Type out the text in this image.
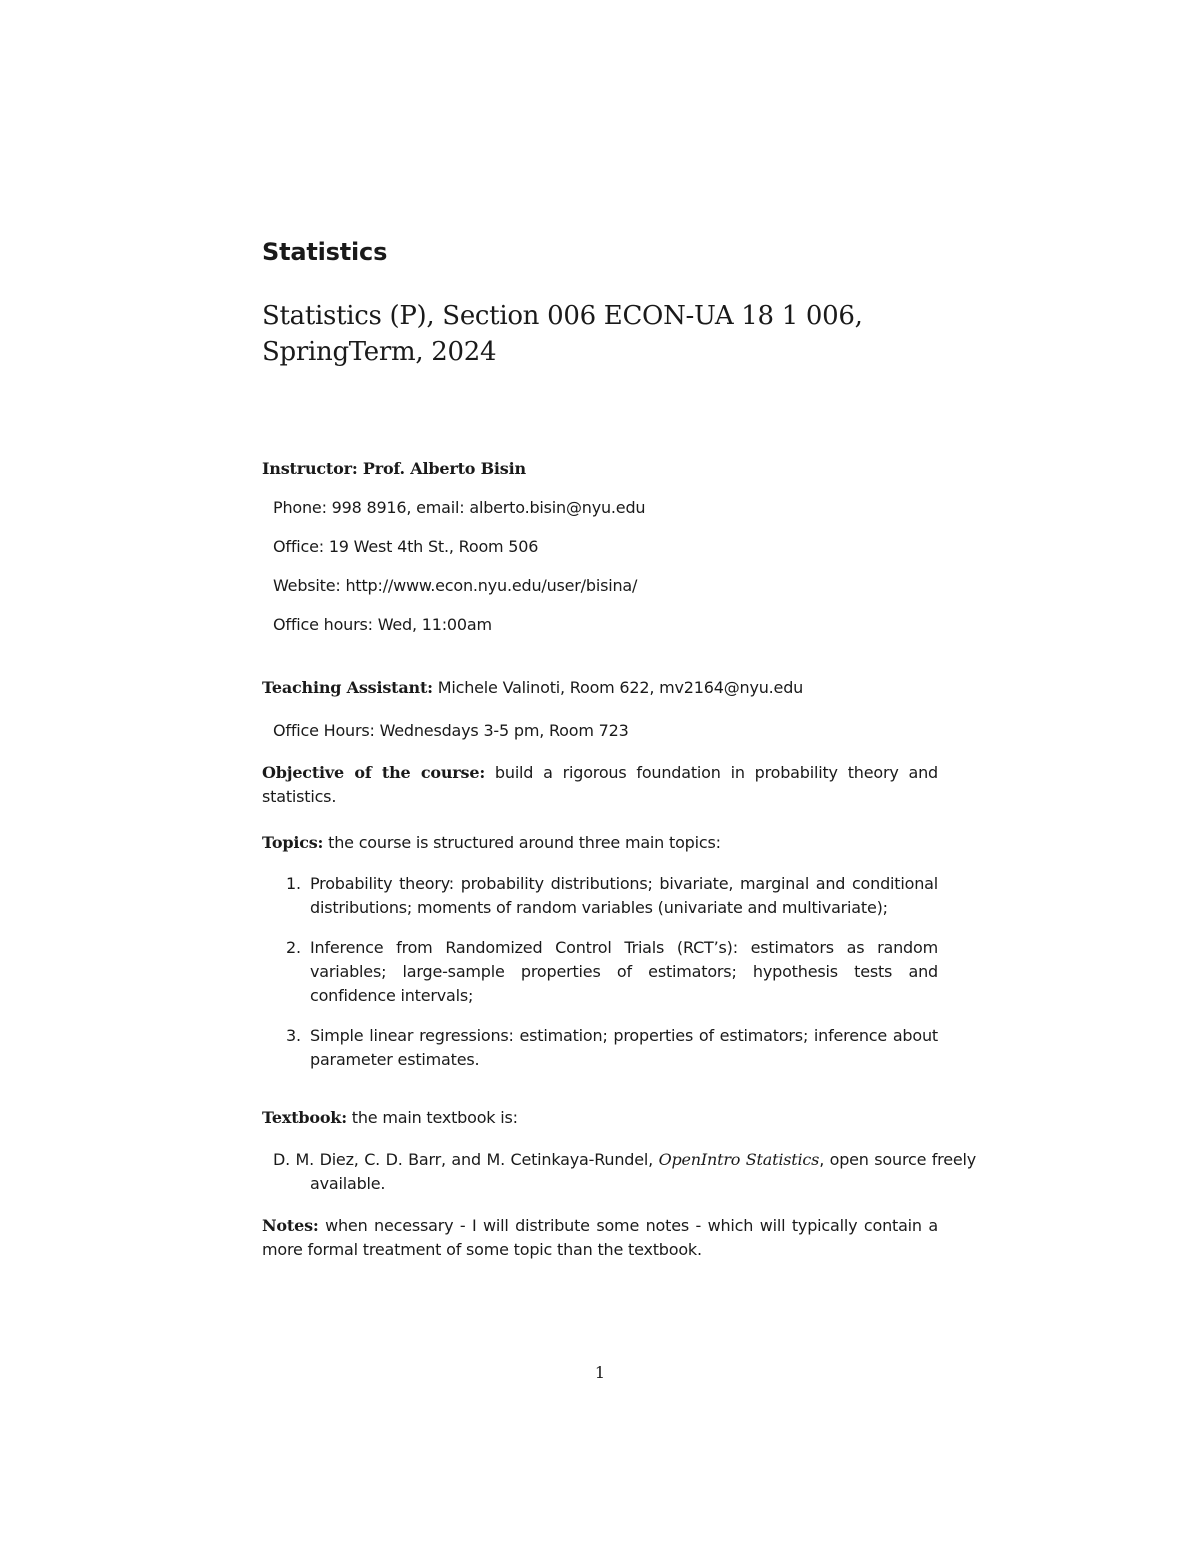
Statistics

Statistics (P), Section 006 ECON-UA 18 1 006, SpringTerm, 2024

Instructor: Prof. Alberto Bisin

Phone: 998 8916, email: alberto.bisin@nyu.edu

Office: 19 West 4th St., Room 506

Website: http://www.econ.nyu.edu/user/bisina/

Office hours: Wed, 11:00am

Teaching Assistant: Michele Valinoti, Room 622, mv2164@nyu.edu

Office Hours: Wednesdays 3-5 pm, Room 723

Objective of the course: build a rigorous foundation in probability theory and statistics.

Topics: the course is structured around three main topics:

1. Probability theory: probability distributions; bivariate, marginal and conditional distributions; moments of random variables (univariate and multivariate);
2. Inference from Randomized Control Trials (RCT’s): estimators as random variables; large-sample properties of estimators; hypothesis tests and confidence intervals;
3. Simple linear regressions: estimation; properties of estimators; inference about parameter estimates.

Textbook: the main textbook is:

D. M. Diez, C. D. Barr, and M. Cetinkaya-Rundel, OpenIntro Statistics, open source freely available.

Notes: when necessary - I will distribute some notes - which will typically contain a more formal treatment of some topic than the textbook.

1
